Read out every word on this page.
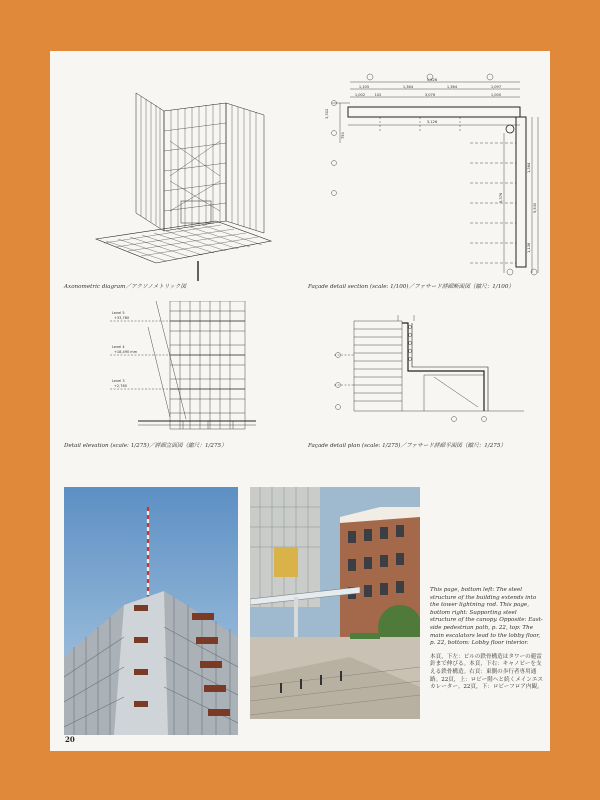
Axonometric diagram／アクソノメトリック図
5,526
1,105	1,364	1,364	1,097
1,002	102	3,076	1,000
3,126
3,302
750
5,376
9,530
1,364
1,136
Façade detail section (scale: 1/100)／ファサード詳細断面図（縮尺：1/100）
Level 5
+33,760
Level 4
+18,490 mm
Level 3
+2,760
Detail elevation (scale: 1/275)／詳細立面図（縮尺：1/275）	Façade detail plan (scale: 1/275)／ファサード詳細平面図（縮尺：1/275）
This page, bottom left: The steel structure of the building extends into the tower lightning rod. This page, bottom right: Supporting steel structure of the canopy. Opposite: East-side pedestrian path, p. 22, top: The main escalators lead to the lobby floor, p. 22, bottom: Lobby floor interior.
本頁，下左：ビルの鉄骨構造はタワーの避雷針まで伸びる。本頁，下右：キャノピーを支える鉄骨構造。右頁：東側の歩行者専用通路。22頁，上：ロビー階へと続くメインエスカレーター。22頁，下：ロビーフロア内観。
20
